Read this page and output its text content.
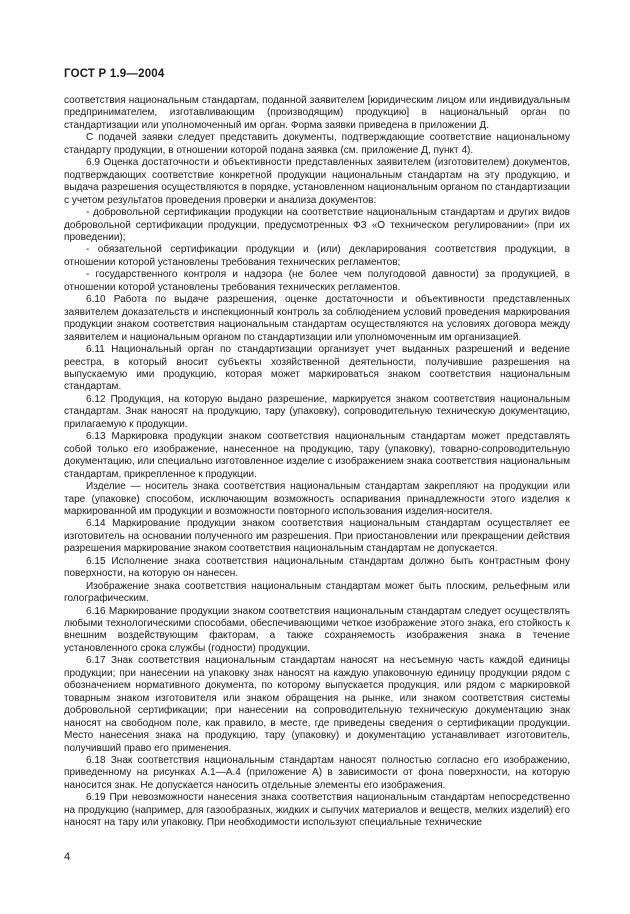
ГОСТ Р 1.9—2004

соответствия национальным стандартам, поданной заявителем [юридическим лицом или индивидуальным предпринимателем, изготавливающим (производящим) продукцию] в национальный орган по стандартизации или уполномоченный им орган. Форма заявки приведена в приложении Д.

С подачей заявки следует представить документы, подтверждающие соответствие национальному стандарту продукции, в отношении которой подана заявка (см. приложение Д, пункт 4).

6.9 Оценка достаточности и объективности представленных заявителем (изготовителем) документов, подтверждающих соответствие конкретной продукции национальным стандартам на эту продукцию, и выдача разрешения осуществляются в порядке, установленном национальным органом по стандартизации с учетом результатов проведения проверки и анализа документов:

- добровольной сертификации продукции на соответствие национальным стандартам и других видов добровольной сертификации продукции, предусмотренных ФЗ «О техническом регулировании» (при их проведении);

- обязательной сертификации продукции и (или) декларирования соответствия продукции, в отношении которой установлены требования технических регламентов;

- государственного контроля и надзора (не более чем полугодовой давности) за продукцией, в отношении которой установлены требования технических регламентов.

6.10 Работа по выдаче разрешения, оценке достаточности и объективности представленных заявителем доказательств и инспекционный контроль за соблюдением условий проведения маркирования продукции знаком соответствия национальным стандартам осуществляются на условиях договора между заявителем и национальным органом по стандартизации или уполномоченным им организацией.

6.11 Национальный орган по стандартизации организует учет выданных разрешений и ведение реестра, в который вносит субъекты хозяйственной деятельности, получившие разрешения на выпускаемую ими продукцию, которая может маркироваться знаком соответствия национальным стандартам.

6.12 Продукция, на которую выдано разрешение, маркируется знаком соответствия национальным стандартам. Знак наносят на продукцию, тару (упаковку), сопроводительную техническую документацию, прилагаемую к продукции.

6.13 Маркировка продукции знаком соответствия национальным стандартам может представлять собой только его изображение, нанесенное на продукцию, тару (упаковку), товарно-сопроводительную документацию, или специально изготовленное изделие с изображением знака соответствия национальным стандартам, прикрепленное к продукции.

Изделие — носитель знака соответствия национальным стандартам закрепляют на продукции или таре (упаковке) способом, исключающим возможность оспаривания принадлежности этого изделия к маркированной им продукции и возможности повторного использования изделия-носителя.

6.14 Маркирование продукции знаком соответствия национальным стандартам осуществляет ее изготовитель на основании полученного им разрешения. При приостановлении или прекращении действия разрешения маркирование знаком соответствия национальным стандартам не допускается.

6.15 Исполнение знака соответствия национальным стандартам должно быть контрастным фону поверхности, на которую он нанесен.

Изображение знака соответствия национальным стандартам может быть плоским, рельефным или голографическим.

6.16 Маркирование продукции знаком соответствия национальным стандартам следует осуществлять любыми технологическими способами, обеспечивающими четкое изображение этого знака, его стойкость к внешним воздействующим факторам, а также сохраняемость изображения знака в течение установленного срока службы (годности) продукции.

6.17 Знак соответствия национальным стандартам наносят на несъемную часть каждой единицы продукции; при нанесении на упаковку знак наносят на каждую упаковочную единицу продукции рядом с обозначением нормативного документа, по которому выпускается продукция, или рядом с маркировкой товарным знаком изготовителя или знаком обращения на рынке, или знаком соответствия системы добровольной сертификации; при нанесении на сопроводительную техническую документацию знак наносят на свободном поле, как правило, в месте, где приведены сведения о сертификации продукции. Место нанесения знака на продукцию, тару (упаковку) и документацию устанавливает изготовитель, получивший право его применения.

6.18 Знак соответствия национальным стандартам наносят полностью согласно его изображению, приведенному на рисунках А.1—А.4 (приложение А) в зависимости от фона поверхности, на которую наносится знак. Не допускается наносить отдельные элементы его изображения.

6.19 При невозможности нанесения знака соответствия национальным стандартам непосредственно на продукцию (например, для газообразных, жидких и сыпучих материалов и веществ, мелких изделий) его наносят на тару или упаковку. При необходимости используют специальные технические

4
